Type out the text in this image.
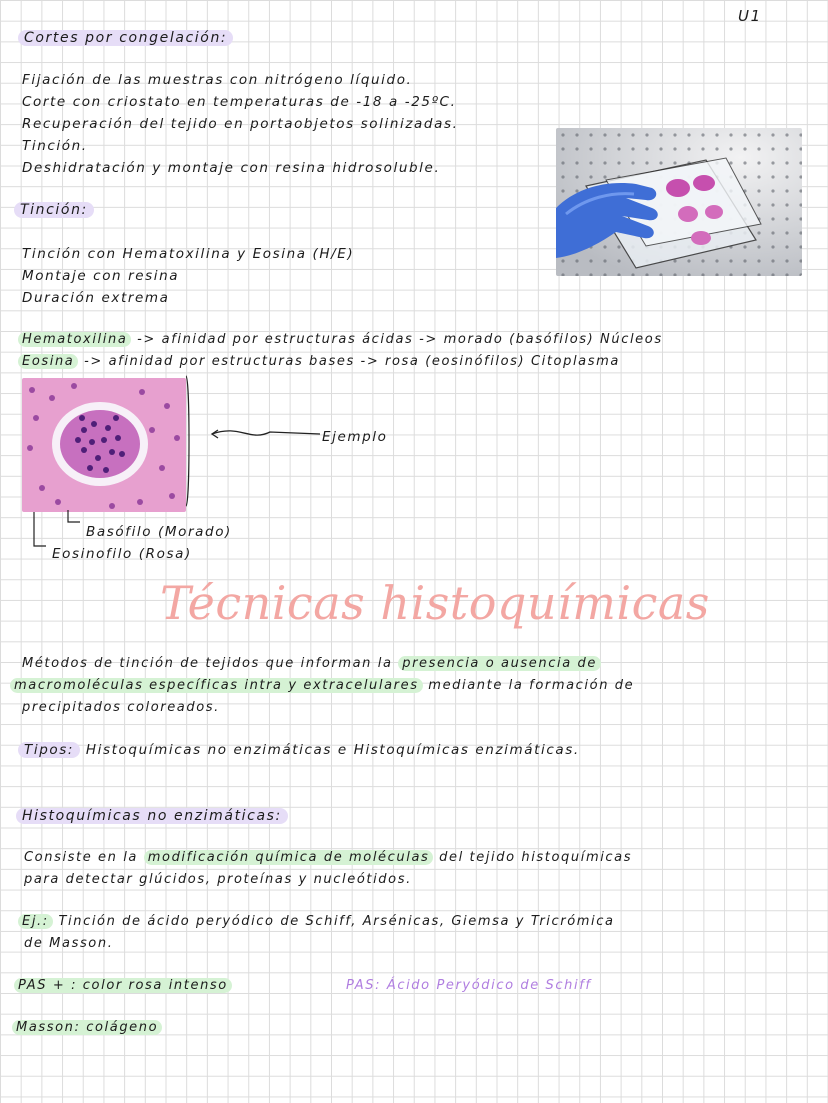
U1
Cortes por congelación:
Fijación de las muestras con nitrógeno líquido.
Corte con criostato en temperaturas de -18 a -25ºC.
Recuperación del tejido en portaobjetos solinizadas.
Tinción.
Deshidratación y montaje con resina hidrosoluble.
Tinción:
Tinción con Hematoxilina y Eosina (H/E)
Montaje con resina
Duración extrema
Hematoxilina -> afinidad por estructuras ácidas -> morado (basófilos) Núcleos
Eosina -> afinidad por estructuras bases -> rosa (eosinófilos) Citoplasma
Ejemplo
Basófilo (Morado)
Eosinofilo (Rosa)
Técnicas histoquímicas
Métodos de tinción de tejidos que informan la presencia o ausencia de
macromoléculas específicas intra y extracelulares mediante la formación de
precipitados coloreados.
Tipos: Histoquímicas no enzimáticas e Histoquímicas enzimáticas.
Histoquímicas no enzimáticas:
Consiste en la modificación química de moléculas del tejido histoquímicas
para detectar glúcidos, proteínas y nucleótidos.
Ej.: Tinción de ácido peryódico de Schiff, Arsénicas, Giemsa y Tricrómica
de Masson.
PAS + : color rosa intenso	PAS: Ácido Peryódico de Schiff
Masson: colágeno
